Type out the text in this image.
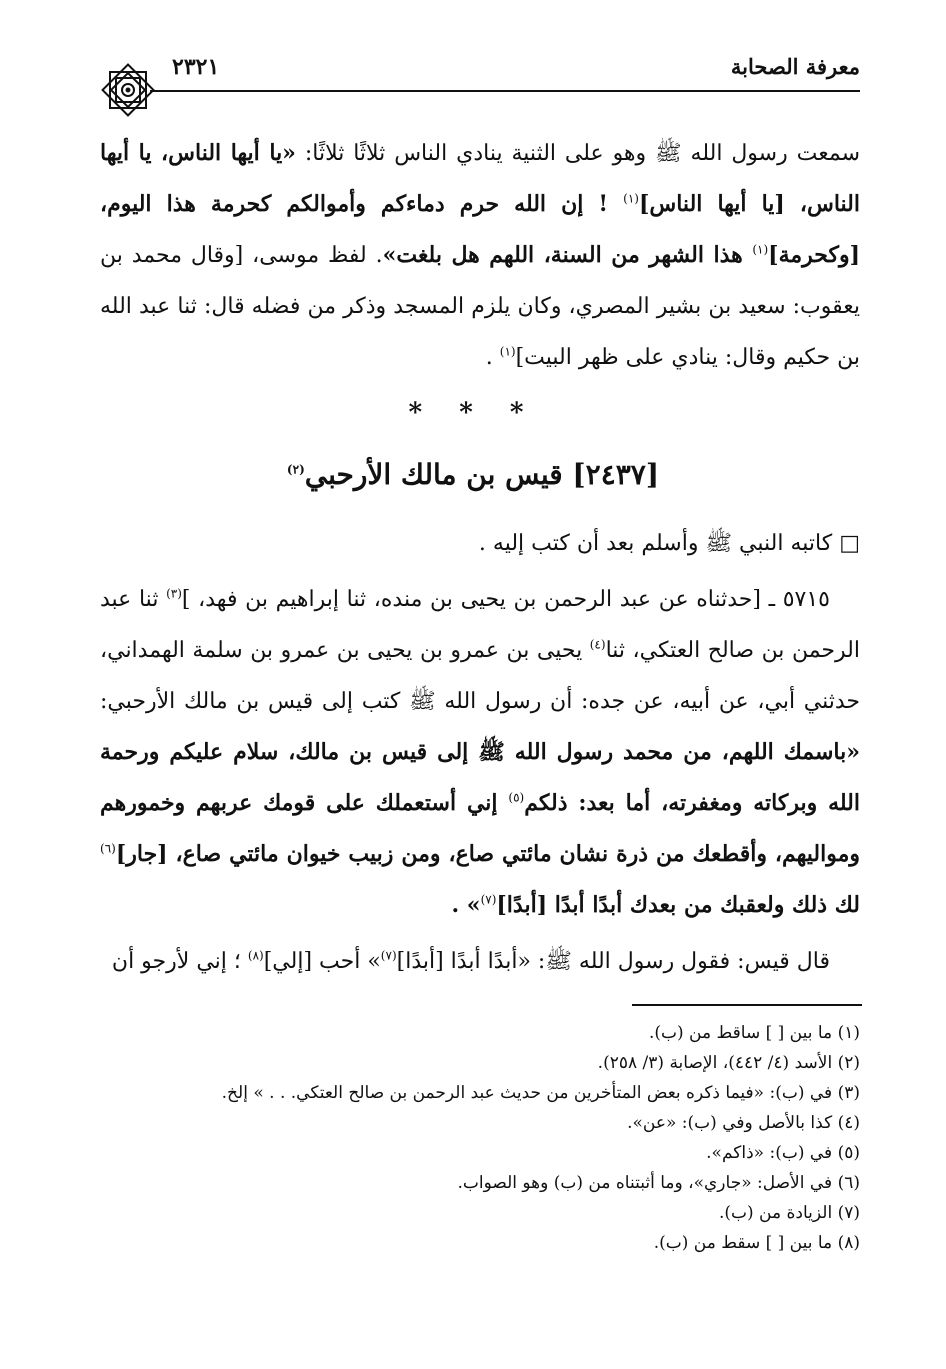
معرفة الصحابة
٢٣٢١
سمعت رسول الله ﷺ وهو على الثنية ينادي الناس ثلاثًا ثلاثًا: «يا أيها الناس، يا أيها الناس، [يا أيها الناس]$^{(١)}$ ! إن الله حرم دماءكم وأموالكم كحرمة هذا اليوم، [وكحرمة]$^{(١)}$ هذا الشهر من السنة، اللهم هل بلغت». لفظ موسى، [وقال محمد بن يعقوب: سعيد بن بشير المصري، وكان يلزم المسجد وذكر من فضله قال: ثنا عبد الله بن حكيم وقال: ينادي على ظهر البيت]$^{(١)}$ .
* * *
[٢٤٣٧] قيس بن مالك الأرحبي$^{(٢)}$
□ كاتبه النبي ﷺ وأسلم بعد أن كتب إليه .
٥٧١٥ ـ [حدثناه عن عبد الرحمن بن يحيى بن منده، ثنا إبراهيم بن فهد، ]$^{(٣)}$ ثنا عبد الرحمن بن صالح العتكي، ثنا$^{(٤)}$ يحيى بن عمرو بن يحيى بن عمرو بن سلمة الهمداني، حدثني أبي، عن أبيه، عن جده: أن رسول الله ﷺ كتب إلى قيس بن مالك الأرحبي: «باسمك اللهم، من محمد رسول الله ﷺ إلى قيس بن مالك، سلام عليكم ورحمة الله وبركاته ومغفرته، أما بعد: ذلكم$^{(٥)}$ إني أستعملك على قومك عربهم وخمورهم ومواليهم، وأقطعك من ذرة نشان مائتي صاع، ومن زبيب خيوان مائتي صاع، [جار]$^{(٦)}$ لك ذلك ولعقبك من بعدك أبدًا أبدًا [أبدًا]$^{(٧)}$» .
قال قيس: فقول رسول الله ﷺ: «أبدًا أبدًا [أبدًا]$^{(٧)}$» أحب [إلي]$^{(٨)}$ ؛ إني لأرجو أن
(١) ما بين [ ] ساقط من (ب).
(٢) الأسد (٤/ ٤٤٢)، الإصابة (٣/ ٢٥٨).
(٣) في (ب): «فيما ذكره بعض المتأخرين من حديث عبد الرحمن بن صالح العتكي. . . » إلخ.
(٤) كذا بالأصل وفي (ب): «عن».
(٥) في (ب): «ذاكم».
(٦) في الأصل: «جاري»، وما أثبتناه من (ب) وهو الصواب.
(٧) الزيادة من (ب).
(٨) ما بين [ ] سقط من (ب).
